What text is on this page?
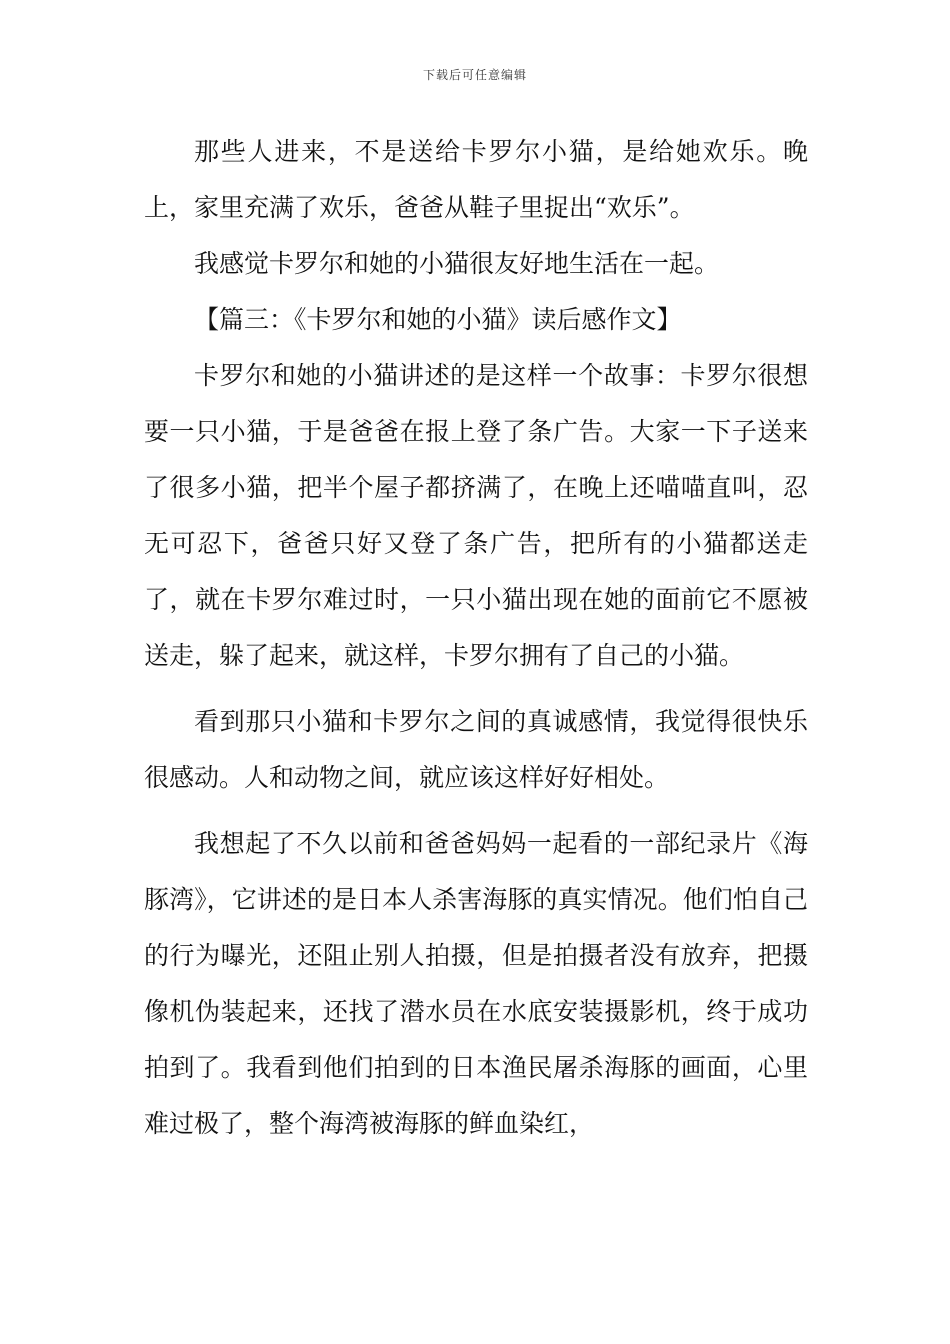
下载后可任意编辑

那些人进来，不是送给卡罗尔小猫，是给她欢乐。晚上，家里充满了欢乐，爸爸从鞋子里捉出“欢乐”。

我感觉卡罗尔和她的小猫很友好地生活在一起。

【篇三：《卡罗尔和她的小猫》读后感作文】

卡罗尔和她的小猫讲述的是这样一个故事：卡罗尔很想要一只小猫，于是爸爸在报上登了条广告。大家一下子送来了很多小猫，把半个屋子都挤满了，在晚上还喵喵直叫，忍无可忍下，爸爸只好又登了条广告，把所有的小猫都送走了，就在卡罗尔难过时，一只小猫出现在她的面前它不愿被送走，躲了起来，就这样，卡罗尔拥有了自己的小猫。

看到那只小猫和卡罗尔之间的真诚感情，我觉得很快乐很感动。人和动物之间，就应该这样好好相处。

我想起了不久以前和爸爸妈妈一起看的一部纪录片《海豚湾》，它讲述的是日本人杀害海豚的真实情况。他们怕自己的行为曝光，还阻止别人拍摄，但是拍摄者没有放弃，把摄像机伪装起来，还找了潜水员在水底安装摄影机，终于成功拍到了。我看到他们拍到的日本渔民屠杀海豚的画面，心里难过极了，整个海湾被海豚的鲜血染红，
